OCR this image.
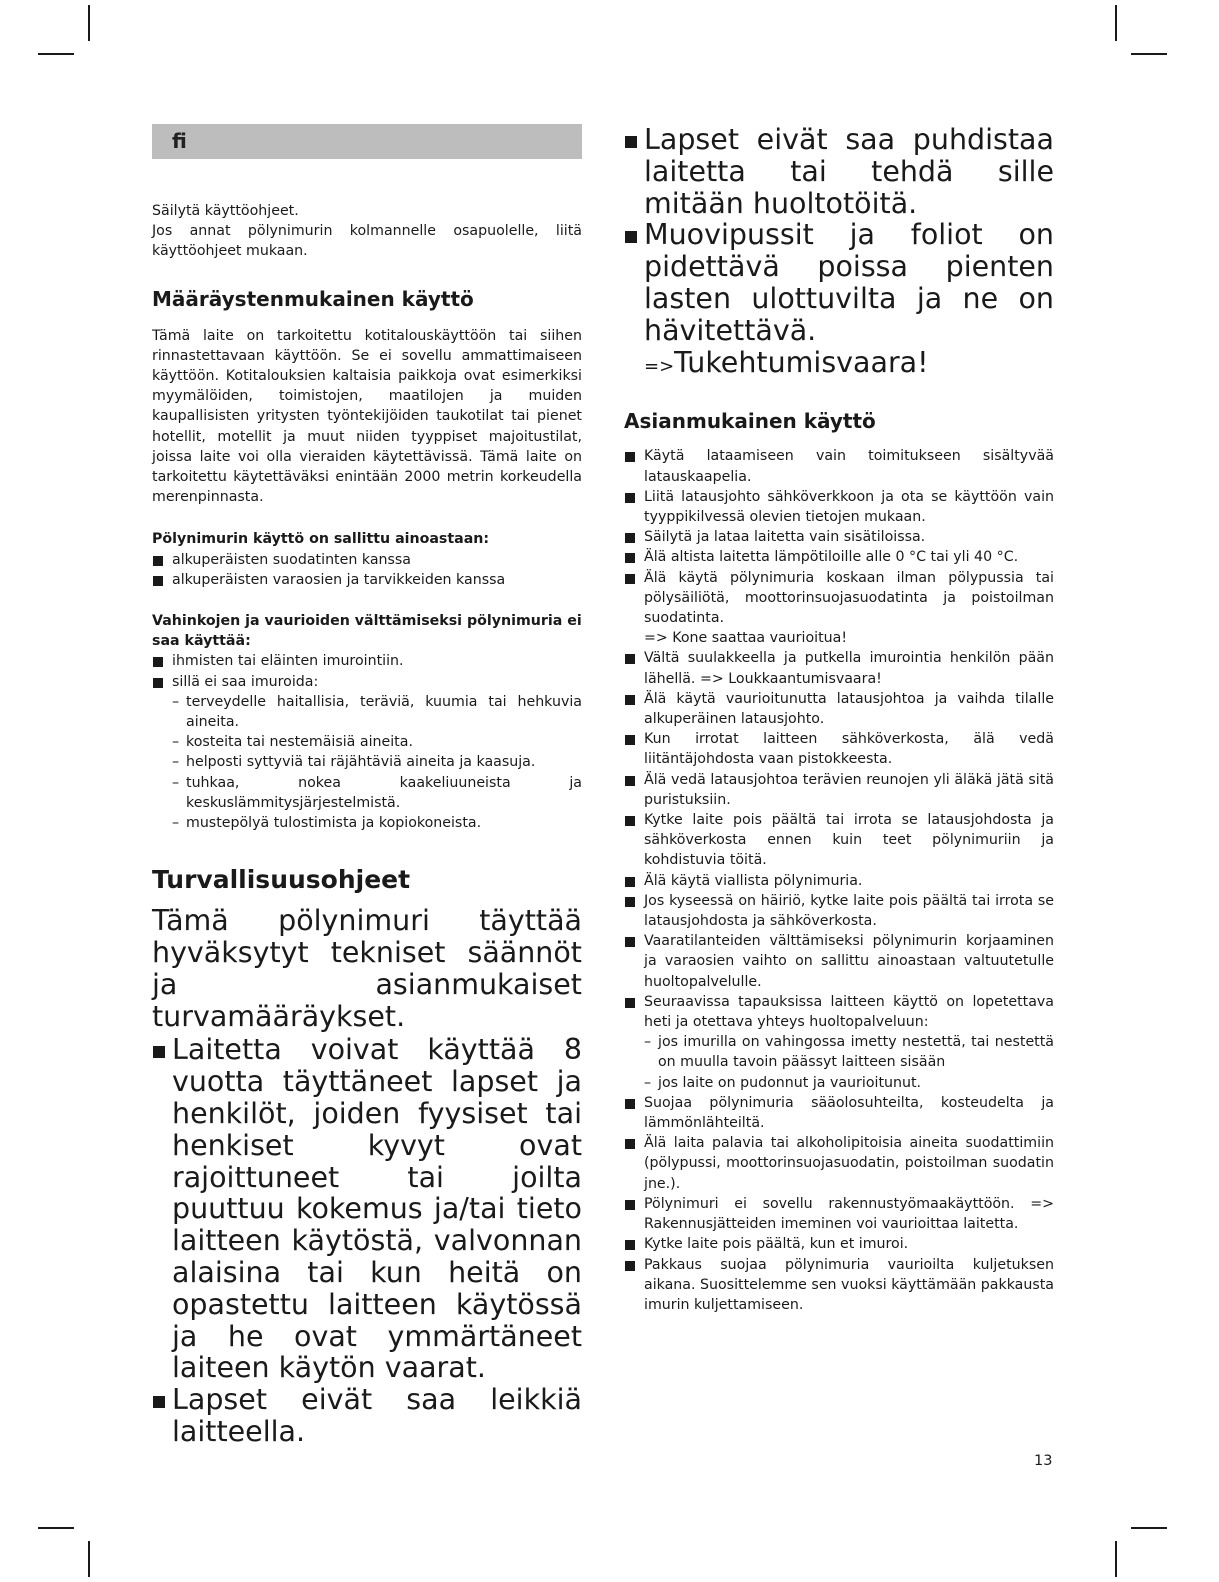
fi

Säilytä käyttöohjeet.

Jos annat pölynimurin kolmannelle osapuolelle, liitä käyttöohjeet mukaan.

Määräystenmukainen käyttö

Tämä laite on tarkoitettu kotitalouskäyttöön tai siihen rinnastettavaan käyttöön. Se ei sovellu ammattimaiseen käyttöön. Kotitalouksien kaltaisia paikkoja ovat esimerkiksi myymälöiden, toimistojen, maatilojen ja muiden kaupallisisten yritysten työntekijöiden taukotilat tai pienet hotellit, motellit ja muut niiden tyyppiset majoitustilat, joissa laite voi olla vieraiden käytettävissä. Tämä laite on tarkoitettu käytettäväksi enintään 2000 metrin korkeudella merenpinnasta.

Pölynimurin käyttö on sallittu ainoastaan:

alkuperäisten suodatinten kanssa
alkuperäisten varaosien ja tarvikkeiden kanssa

Vahinkojen ja vaurioiden välttämiseksi pölynimuria ei saa käyttää:

ihmisten tai eläinten imurointiin.
sillä ei saa imuroida:
– terveydelle haitallisia, teräviä, kuumia tai hehkuvia aineita.
– kosteita tai nestemäisiä aineita.
– helposti syttyviä tai räjähtäviä aineita ja kaasuja.
– tuhkaa, nokea kaakeliuuneista ja keskuslämmitysjärjestelmistä.
– mustepölyä tulostimista ja kopiokoneista.
Turvallisuusohjeet

Tämä pölynimuri täyttää hyväksytyt tekniset säännöt ja asianmukaiset turvamääräykset.

Laitetta voivat käyttää 8 vuotta täyttäneet lapset ja henkilöt, joiden fyysiset tai henkiset kyvyt ovat rajoittuneet tai joilta puuttuu kokemus ja/tai tieto laitteen käytöstä, valvonnan alaisina tai kun heitä on opastettu laitteen käytössä ja he ovat ymmärtäneet laiteen käytön vaarat.
Lapset eivät saa leikkiä laitteella.
Lapset eivät saa puhdistaa laitetta tai tehdä sille mitään huoltotöitä.
Muovipussit ja foliot on pidettävä poissa pienten lasten ulottuvilta ja ne on hävitettävä.

=>Tukehtumisvaara!

Asianmukainen käyttö
Käytä lataamiseen vain toimitukseen sisältyvää latauskaapelia.
Liitä latausjohto sähköverkkoon ja ota se käyttöön vain tyyppikilvessä olevien tietojen mukaan.
Säilytä ja lataa laitetta vain sisätiloissa.
Älä altista laitetta lämpötiloille alle 0 °C tai yli 40 °C.
Älä käytä pölynimuria koskaan ilman pölypussia tai pölysäiliötä, moottorinsuojasuodatinta ja poistoilman suodatinta.

=> Kone saattaa vaurioitua!

Vältä suulakkeella ja putkella imurointia henkilön pään lähellä. => Loukkaantumisvaara!
Älä käytä vaurioitunutta latausjohtoa ja vaihda tilalle alkuperäinen latausjohto.
Kun irrotat laitteen sähköverkosta, älä vedä liitäntäjohdosta vaan pistokkeesta.
Älä vedä latausjohtoa terävien reunojen yli äläkä jätä sitä puristuksiin.
Kytke laite pois päältä tai irrota se latausjohdosta ja sähköverkosta ennen kuin teet pölynimuriin ja kohdistuvia töitä.
Älä käytä viallista pölynimuria.
Jos kyseessä on häiriö, kytke laite pois päältä tai irrota se latausjohdosta ja sähköverkosta.
Vaaratilanteiden välttämiseksi pölynimurin korjaaminen ja varaosien vaihto on sallittu ainoastaan valtuutetulle huoltopalvelulle.
Seuraavissa tapauksissa laitteen käyttö on lopetettava heti ja otettava yhteys huoltopalveluun:
– jos imurilla on vahingossa imetty nestettä, tai nestettä on muulla tavoin päässyt laitteen sisään
– jos laite on pudonnut ja vaurioitunut.
Suojaa pölynimuria sääolosuhteilta, kosteudelta ja lämmönlähteiltä.
Älä laita palavia tai alkoholipitoisia aineita suodattimiin (pölypussi, moottorinsuojasuodatin, poistoilman suodatin jne.).
Pölynimuri ei sovellu rakennustyömaakäyttöön. => Rakennusjätteiden imeminen voi vaurioittaa laitetta.
Kytke laite pois päältä, kun et imuroi.
Pakkaus suojaa pölynimuria vaurioilta kuljetuksen aikana. Suosittelemme sen vuoksi käyttämään pakkausta imurin kuljettamiseen.
13
